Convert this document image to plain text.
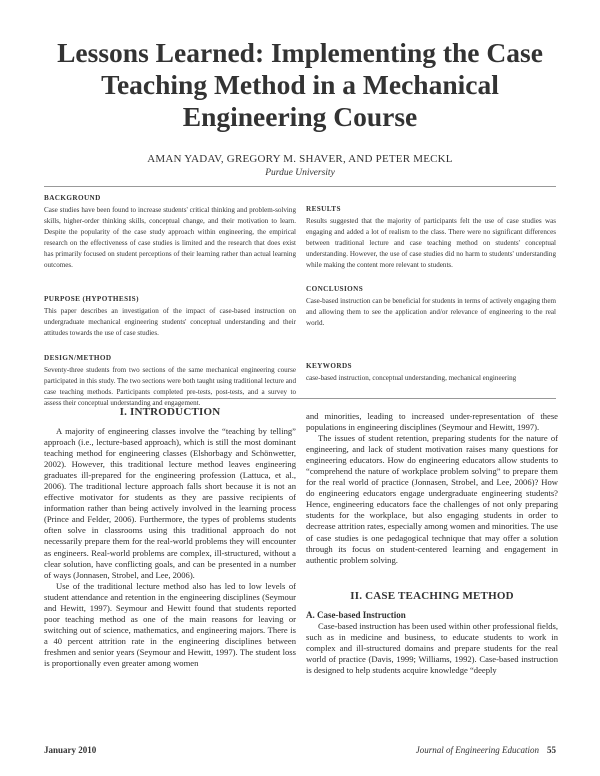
Lessons Learned: Implementing the Case Teaching Method in a Mechanical Engineering Course
AMAN YADAV, GREGORY M. SHAVER, AND PETER MECKL
Purdue University
BACKGROUND
Case studies have been found to increase students' critical thinking and problem-solving skills, higher-order thinking skills, conceptual change, and their motivation to learn. Despite the popularity of the case study approach within engineering, the empirical research on the effectiveness of case studies is limited and the research that does exist has primarily focused on student perceptions of their learning rather than actual learning outcomes.
PURPOSE (HYPOTHESIS)
This paper describes an investigation of the impact of case-based instruction on undergraduate mechanical engineering students' conceptual understanding and their attitudes towards the use of case studies.
DESIGN/METHOD
Seventy-three students from two sections of the same mechanical engineering course participated in this study. The two sections were both taught using traditional lecture and case teaching methods. Participants completed pre-tests, post-tests, and a survey to assess their conceptual understanding and engagement.
RESULTS
Results suggested that the majority of participants felt the use of case studies was engaging and added a lot of realism to the class. There were no significant differences between traditional lecture and case teaching method on students' conceptual understanding. However, the use of case studies did no harm to students' understanding while making the content more relevant to students.
CONCLUSIONS
Case-based instruction can be beneficial for students in terms of actively engaging them and allowing them to see the application and/or relevance of engineering to the real world.
KEYWORDS
case-based instruction, conceptual understanding, mechanical engineering
I. INTRODUCTION

A majority of engineering classes involve the “teaching by telling” approach (i.e., lecture-based approach), which is still the most dominant teaching method for engineering classes (Elshorbagy and Schönwetter, 2002). However, this traditional lecture method leaves engineering graduates ill-prepared for the engineering profession (Lattuca, et al., 2006). The traditional lecture approach falls short because it is not an effective motivator for students as they are passive recipients of information rather than being actively involved in the learning process (Prince and Felder, 2006). Furthermore, the types of problems students often solve in classrooms using this traditional approach do not necessarily prepare them for the real-world problems they will encounter as engineers. Real-world problems are complex, ill-structured, without a clear solution, have conflicting goals, and can be presented in a number of ways (Jonnasen, Strobel, and Lee, 2006).

Use of the traditional lecture method also has led to low levels of student attendance and retention in the engineering disciplines (Seymour and Hewitt, 1997). Seymour and Hewitt found that students reported poor teaching method as one of the main reasons for leaving or switching out of science, mathematics, and engineering majors. There is a 40 percent attrition rate in the engineering disciplines between freshmen and senior years (Seymour and Hewitt, 1997). The student loss is proportionally even greater among women

and minorities, leading to increased under-representation of these populations in engineering disciplines (Seymour and Hewitt, 1997).

The issues of student retention, preparing students for the nature of engineering, and lack of student motivation raises many questions for engineering educators. How do engineering educators allow students to “comprehend the nature of workplace problem solving” to prepare them for the real world of practice (Jonnasen, Strobel, and Lee, 2006)? How do engineering educators engage undergraduate engineering students? Hence, engineering educators face the challenges of not only preparing students for the workplace, but also engaging students in order to decrease attrition rates, especially among women and minorities. The use of case studies is one pedagogical technique that may offer a solution through its focus on student-centered learning and engagement in authentic problem solving.

II. CASE TEACHING METHOD
A. Case-based Instruction

Case-based instruction has been used within other professional fields, such as in medicine and business, to educate students to work in complex and ill-structured domains and prepare students for the real world of practice (Davis, 1999; Williams, 1992). Case-based instruction is designed to help students acquire knowledge “deeply

January 2010	Journal of Engineering Education 55
